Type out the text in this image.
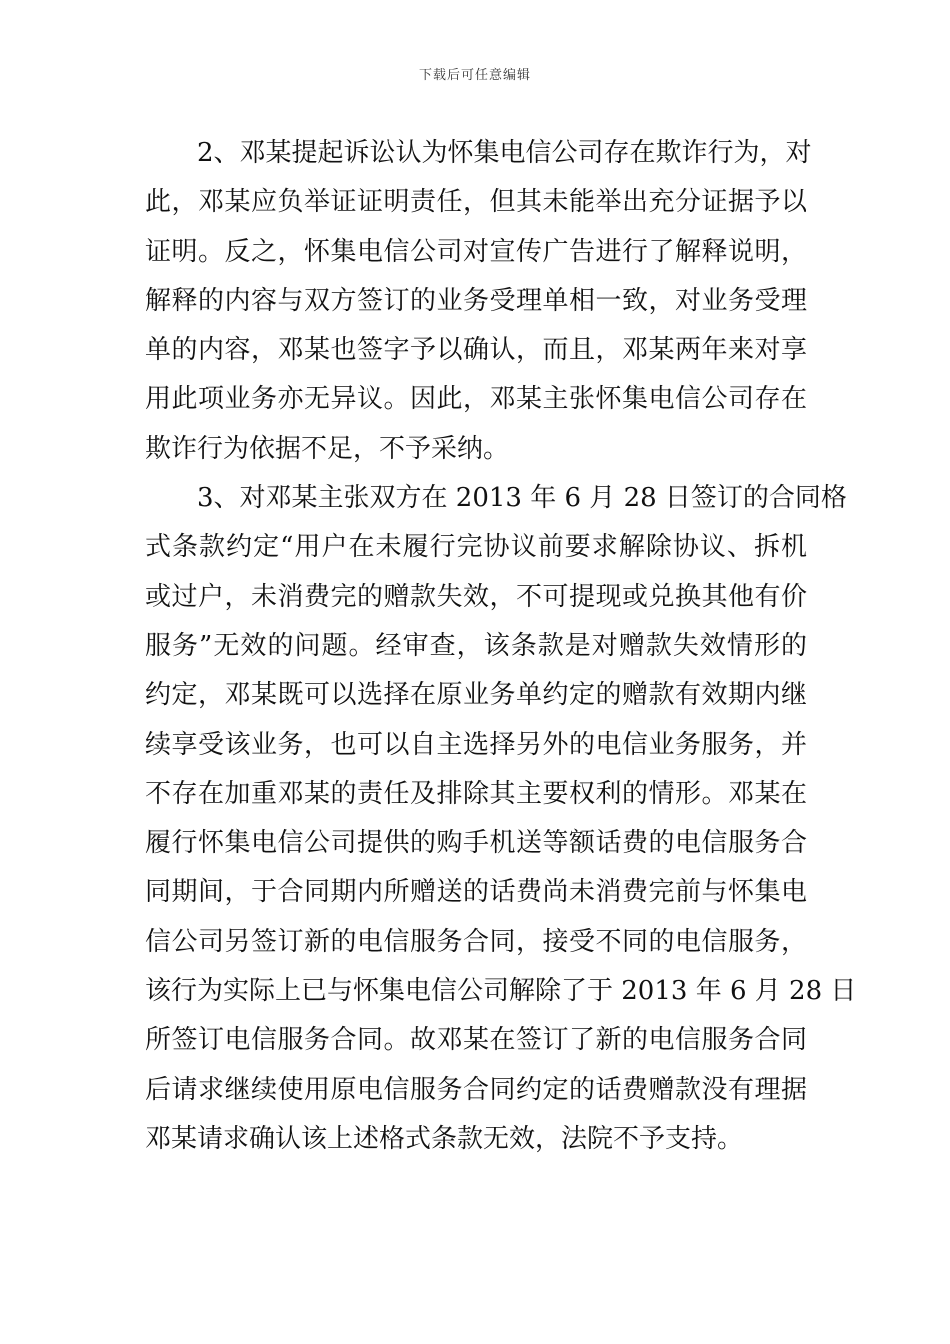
下载后可任意编辑
2、邓某提起诉讼认为怀集电信公司存在欺诈行为，对
此，邓某应负举证证明责任，但其未能举出充分证据予以
证明。反之，怀集电信公司对宣传广告进行了解释说明，
解释的内容与双方签订的业务受理单相一致，对业务受理
单的内容，邓某也签字予以确认，而且，邓某两年来对享
用此项业务亦无异议。因此，邓某主张怀集电信公司存在
欺诈行为依据不足，不予采纳。
3、对邓某主张双方在 2013 年 6 月 28 日签订的合同格
式条款约定“用户在未履行完协议前要求解除协议、拆机
或过户，未消费完的赠款失效，不可提现或兑换其他有价
服务”无效的问题。经审查，该条款是对赠款失效情形的
约定，邓某既可以选择在原业务单约定的赠款有效期内继
续享受该业务，也可以自主选择另外的电信业务服务，并
不存在加重邓某的责任及排除其主要权利的情形。邓某在
履行怀集电信公司提供的购手机送等额话费的电信服务合
同期间，于合同期内所赠送的话费尚未消费完前与怀集电
信公司另签订新的电信服务合同，接受不同的电信服务，
该行为实际上已与怀集电信公司解除了于 2013 年 6 月 28 日
所签订电信服务合同。故邓某在签订了新的电信服务合同
后请求继续使用原电信服务合同约定的话费赠款没有理据
邓某请求确认该上述格式条款无效，法院不予支持。
